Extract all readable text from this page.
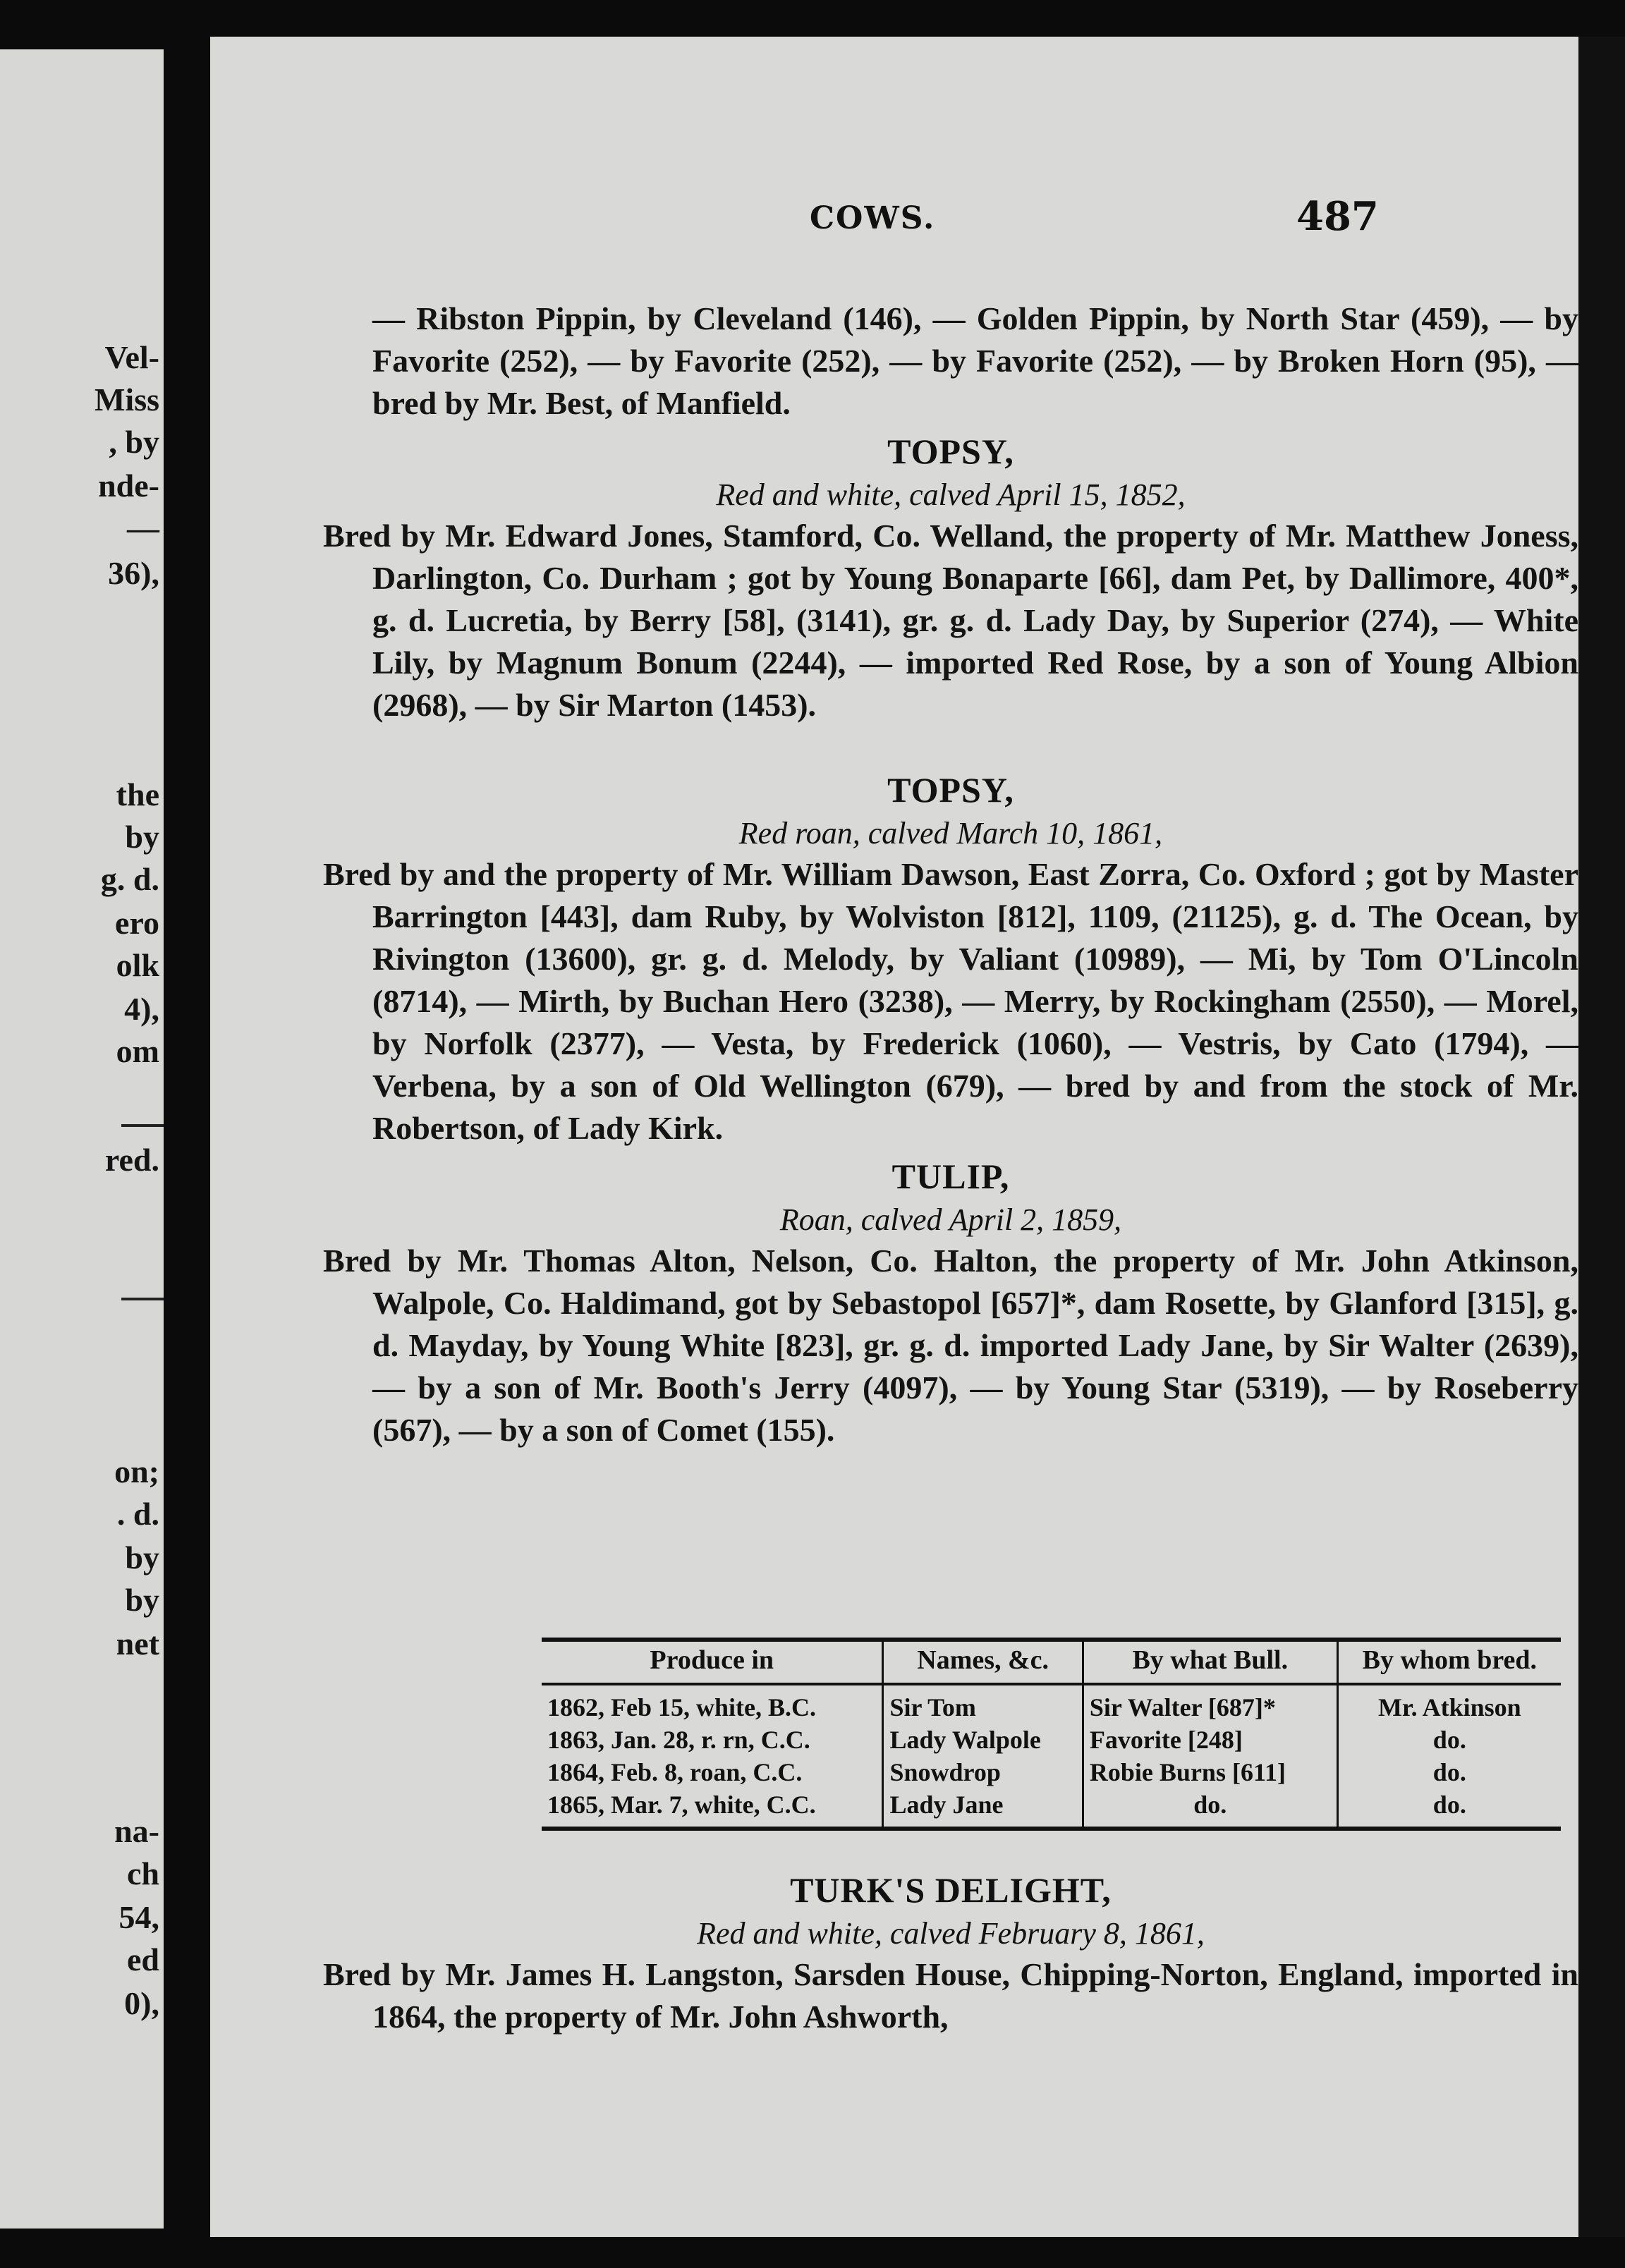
Vel-
Miss
, by
nde-
—
36),
the
by
g. d.
ero
olk
4),
om
red.
on;
. d.
by
by
net
na-
ch
54,
ed
0),
COWS.	487

— Ribston Pippin, by Cleveland (146), — Golden Pippin, by North Star (459), — by Favorite (252), — by Favorite (252), — by Favorite (252), — by Broken Horn (95), — bred by Mr. Best, of Manfield.

TOPSY,
Red and white, calved April 15, 1852,

Bred by Mr. Edward Jones, Stamford, Co. Welland, the property of Mr. Matthew Joness, Darlington, Co. Durham ; got by Young Bonaparte [66], dam Pet, by Dallimore, 400*, g. d. Lucretia, by Berry [58], (3141), gr. g. d. Lady Day, by Superior (274), — White Lily, by Magnum Bonum (2244), — imported Red Rose, by a son of Young Albion (2968), — by Sir Marton (1453).

TOPSY,
Red roan, calved March 10, 1861,

Bred by and the property of Mr. William Dawson, East Zorra, Co. Oxford ; got by Master Barrington [443], dam Ruby, by Wolviston [812], 1109, (21125), g. d. The Ocean, by Rivington (13600), gr. g. d. Melody, by Valiant (10989), — Mi, by Tom O'Lincoln (8714), — Mirth, by Buchan Hero (3238), — Merry, by Rockingham (2550), — Morel, by Norfolk (2377), — Vesta, by Frederick (1060), — Vestris, by Cato (1794), — Verbena, by a son of Old Wellington (679), — bred by and from the stock of Mr. Robertson, of Lady Kirk.

TULIP,
Roan, calved April 2, 1859,

Bred by Mr. Thomas Alton, Nelson, Co. Halton, the property of Mr. John Atkinson, Walpole, Co. Haldimand, got by Sebastopol [657]*, dam Rosette, by Glanford [315], g. d. Mayday, by Young White [823], gr. g. d. imported Lady Jane, by Sir Walter (2639), — by a son of Mr. Booth's Jerry (4097), — by Young Star (5319), — by Roseberry (567), — by a son of Comet (155).

Produce in	Names, &c.	By what Bull.	By whom bred.
1862, Feb 15, white, B.C.	Sir Tom	Sir Walter [687]*	Mr. Atkinson
1863, Jan. 28, r. rn, C.C.	Lady Walpole	Favorite [248]	do.
1864, Feb. 8, roan, C.C.	Snowdrop	Robie Burns [611]	do.
1865, Mar. 7, white, C.C.	Lady Jane	do.	do.
TURK'S DELIGHT,
Red and white, calved February 8, 1861,

Bred by Mr. James H. Langston, Sarsden House, Chipping-Norton, England, imported in 1864, the property of Mr. John Ashworth,
